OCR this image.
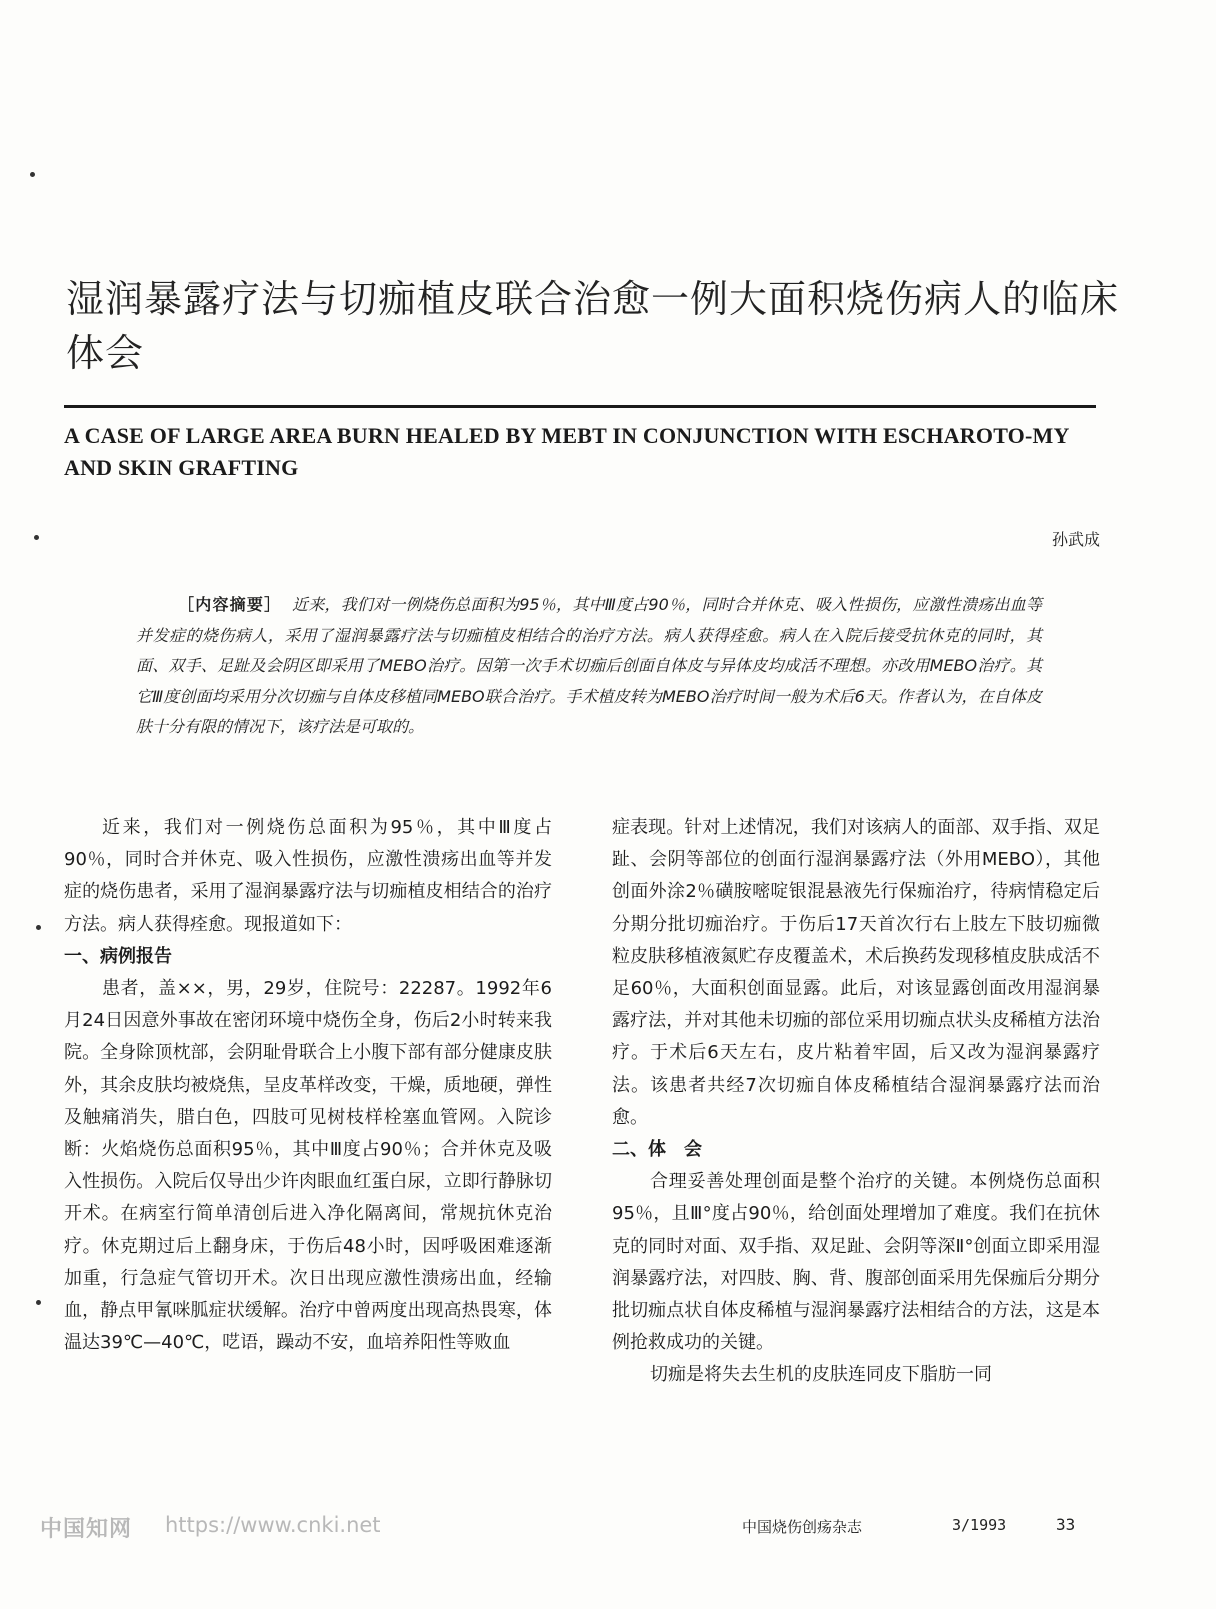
湿润暴露疗法与切痂植皮联合治愈一例大面积烧伤病人的临床体会
A CASE OF LARGE AREA BURN HEALED BY MEBT IN CONJUNCTION WITH ESCHAROTO-MY AND SKIN GRAFTING
孙武成

［内容摘要］ 近来，我们对一例烧伤总面积为95％，其中Ⅲ度占90％，同时合并休克、吸入性损伤，应激性溃疡出血等并发症的烧伤病人，采用了湿润暴露疗法与切痂植皮相结合的治疗方法。病人获得痊愈。病人在入院后接受抗休克的同时，其面、双手、足趾及会阴区即采用了MEBO治疗。因第一次手术切痂后创面自体皮与异体皮均成活不理想。亦改用MEBO治疗。其它Ⅲ度创面均采用分次切痂与自体皮移植同MEBO联合治疗。手术植皮转为MEBO治疗时间一般为术后6天。作者认为，在自体皮肤十分有限的情况下，该疗法是可取的。

近来，我们对一例烧伤总面积为95％，其中Ⅲ度占90％，同时合并休克、吸入性损伤，应激性溃疡出血等并发症的烧伤患者，采用了湿润暴露疗法与切痂植皮相结合的治疗方法。病人获得痊愈。现报道如下：

一、病例报告

患者，盖××，男，29岁，住院号：22287。1992年6月24日因意外事故在密闭环境中烧伤全身，伤后2小时转来我院。全身除顶枕部，会阴耻骨联合上小腹下部有部分健康皮肤外，其余皮肤均被烧焦，呈皮革样改变，干燥，质地硬，弹性及触痛消失，腊白色，四肢可见树枝样栓塞血管网。入院诊断：火焰烧伤总面积95％，其中Ⅲ度占90％；合并休克及吸入性损伤。入院后仅导出少许肉眼血红蛋白尿，立即行静脉切开术。在病室行简单清创后进入净化隔离间，常规抗休克治疗。休克期过后上翻身床，于伤后48小时，因呼吸困难逐渐加重，行急症气管切开术。次日出现应激性溃疡出血，经输血，静点甲氰咪胍症状缓解。治疗中曾两度出现高热畏寒，体温达39℃—40℃，呓语，躁动不安，血培养阳性等败血

症表现。针对上述情况，我们对该病人的面部、双手指、双足趾、会阴等部位的创面行湿润暴露疗法（外用MEBO），其他创面外涂2％磺胺嘧啶银混悬液先行保痂治疗，待病情稳定后分期分批切痂治疗。于伤后17天首次行右上肢左下肢切痂微粒皮肤移植液氮贮存皮覆盖术，术后换药发现移植皮肤成活不足60％，大面积创面显露。此后，对该显露创面改用湿润暴露疗法，并对其他未切痂的部位采用切痂点状头皮稀植方法治疗。于术后6天左右，皮片粘着牢固，后又改为湿润暴露疗法。该患者共经7次切痂自体皮稀植结合湿润暴露疗法而治愈。

二、体　会

合理妥善处理创面是整个治疗的关键。本例烧伤总面积95％，且Ⅲ°度占90％，给创面处理增加了难度。我们在抗休克的同时对面、双手指、双足趾、会阴等深Ⅱ°创面立即采用湿润暴露疗法，对四肢、胸、背、腹部创面采用先保痂后分期分批切痂点状自体皮稀植与湿润暴露疗法相结合的方法，这是本例抢救成功的关键。

切痂是将失去生机的皮肤连同皮下脂肪一同

中国知网 https://www.cnki.net	中国烧伤创疡杂志	3/1993	33
